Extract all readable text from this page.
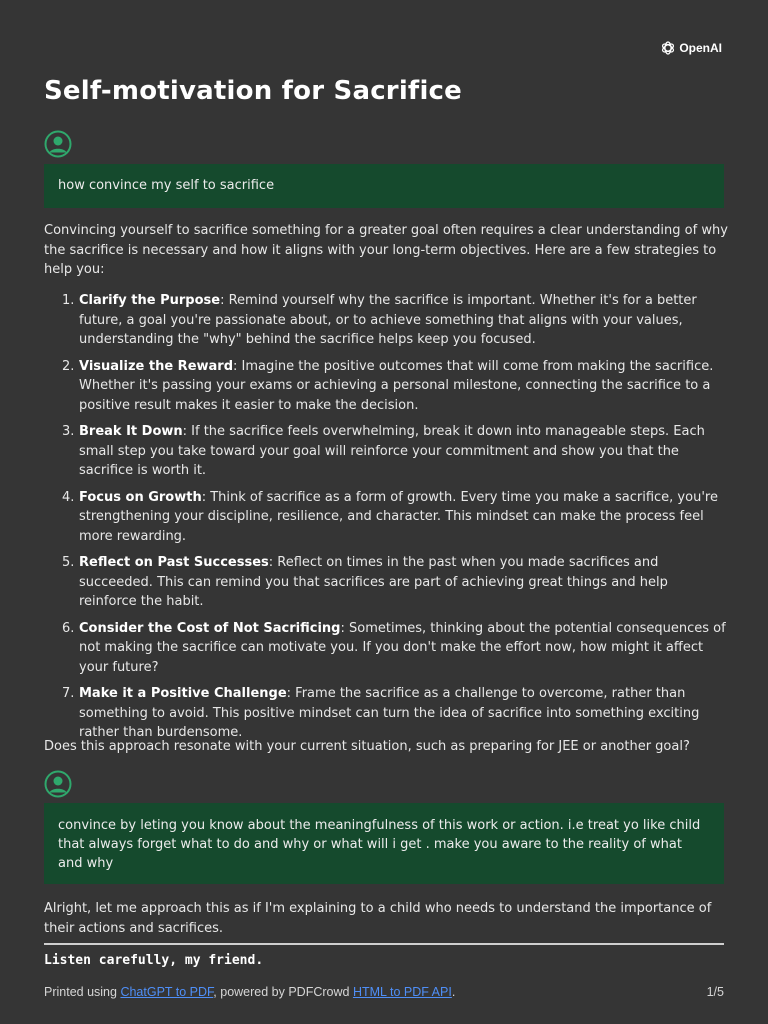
OpenAI
Self-motivation for Sacrifice
how convince my self to sacrifice

Convincing yourself to sacrifice something for a greater goal often requires a clear understanding of why the sacrifice is necessary and how it aligns with your long-term objectives. Here are a few strategies to help you:

1. Clarify the Purpose: Remind yourself why the sacrifice is important. Whether it's for a better future, a goal you're passionate about, or to achieve something that aligns with your values, understanding the "why" behind the sacrifice helps keep you focused.
2. Visualize the Reward: Imagine the positive outcomes that will come from making the sacrifice. Whether it's passing your exams or achieving a personal milestone, connecting the sacrifice to a positive result makes it easier to make the decision.
3. Break It Down: If the sacrifice feels overwhelming, break it down into manageable steps. Each small step you take toward your goal will reinforce your commitment and show you that the sacrifice is worth it.
4. Focus on Growth: Think of sacrifice as a form of growth. Every time you make a sacrifice, you're strengthening your discipline, resilience, and character. This mindset can make the process feel more rewarding.
5. Reflect on Past Successes: Reflect on times in the past when you made sacrifices and succeeded. This can remind you that sacrifices are part of achieving great things and help reinforce the habit.
6. Consider the Cost of Not Sacrificing: Sometimes, thinking about the potential consequences of not making the sacrifice can motivate you. If you don't make the effort now, how might it affect your future?
7. Make it a Positive Challenge: Frame the sacrifice as a challenge to overcome, rather than something to avoid. This positive mindset can turn the idea of sacrifice into something exciting rather than burdensome.

Does this approach resonate with your current situation, such as preparing for JEE or another goal?

convince by leting you know about the meaningfulness of this work or action. i.e treat yo like child that always forget what to do and why or what will i get . make you aware to the reality of what and why

Alright, let me approach this as if I'm explaining to a child who needs to understand the importance of their actions and sacrifices.

Listen carefully, my friend.
Printed using ChatGPT to PDF, powered by PDFCrowd HTML to PDF API.	1/5
